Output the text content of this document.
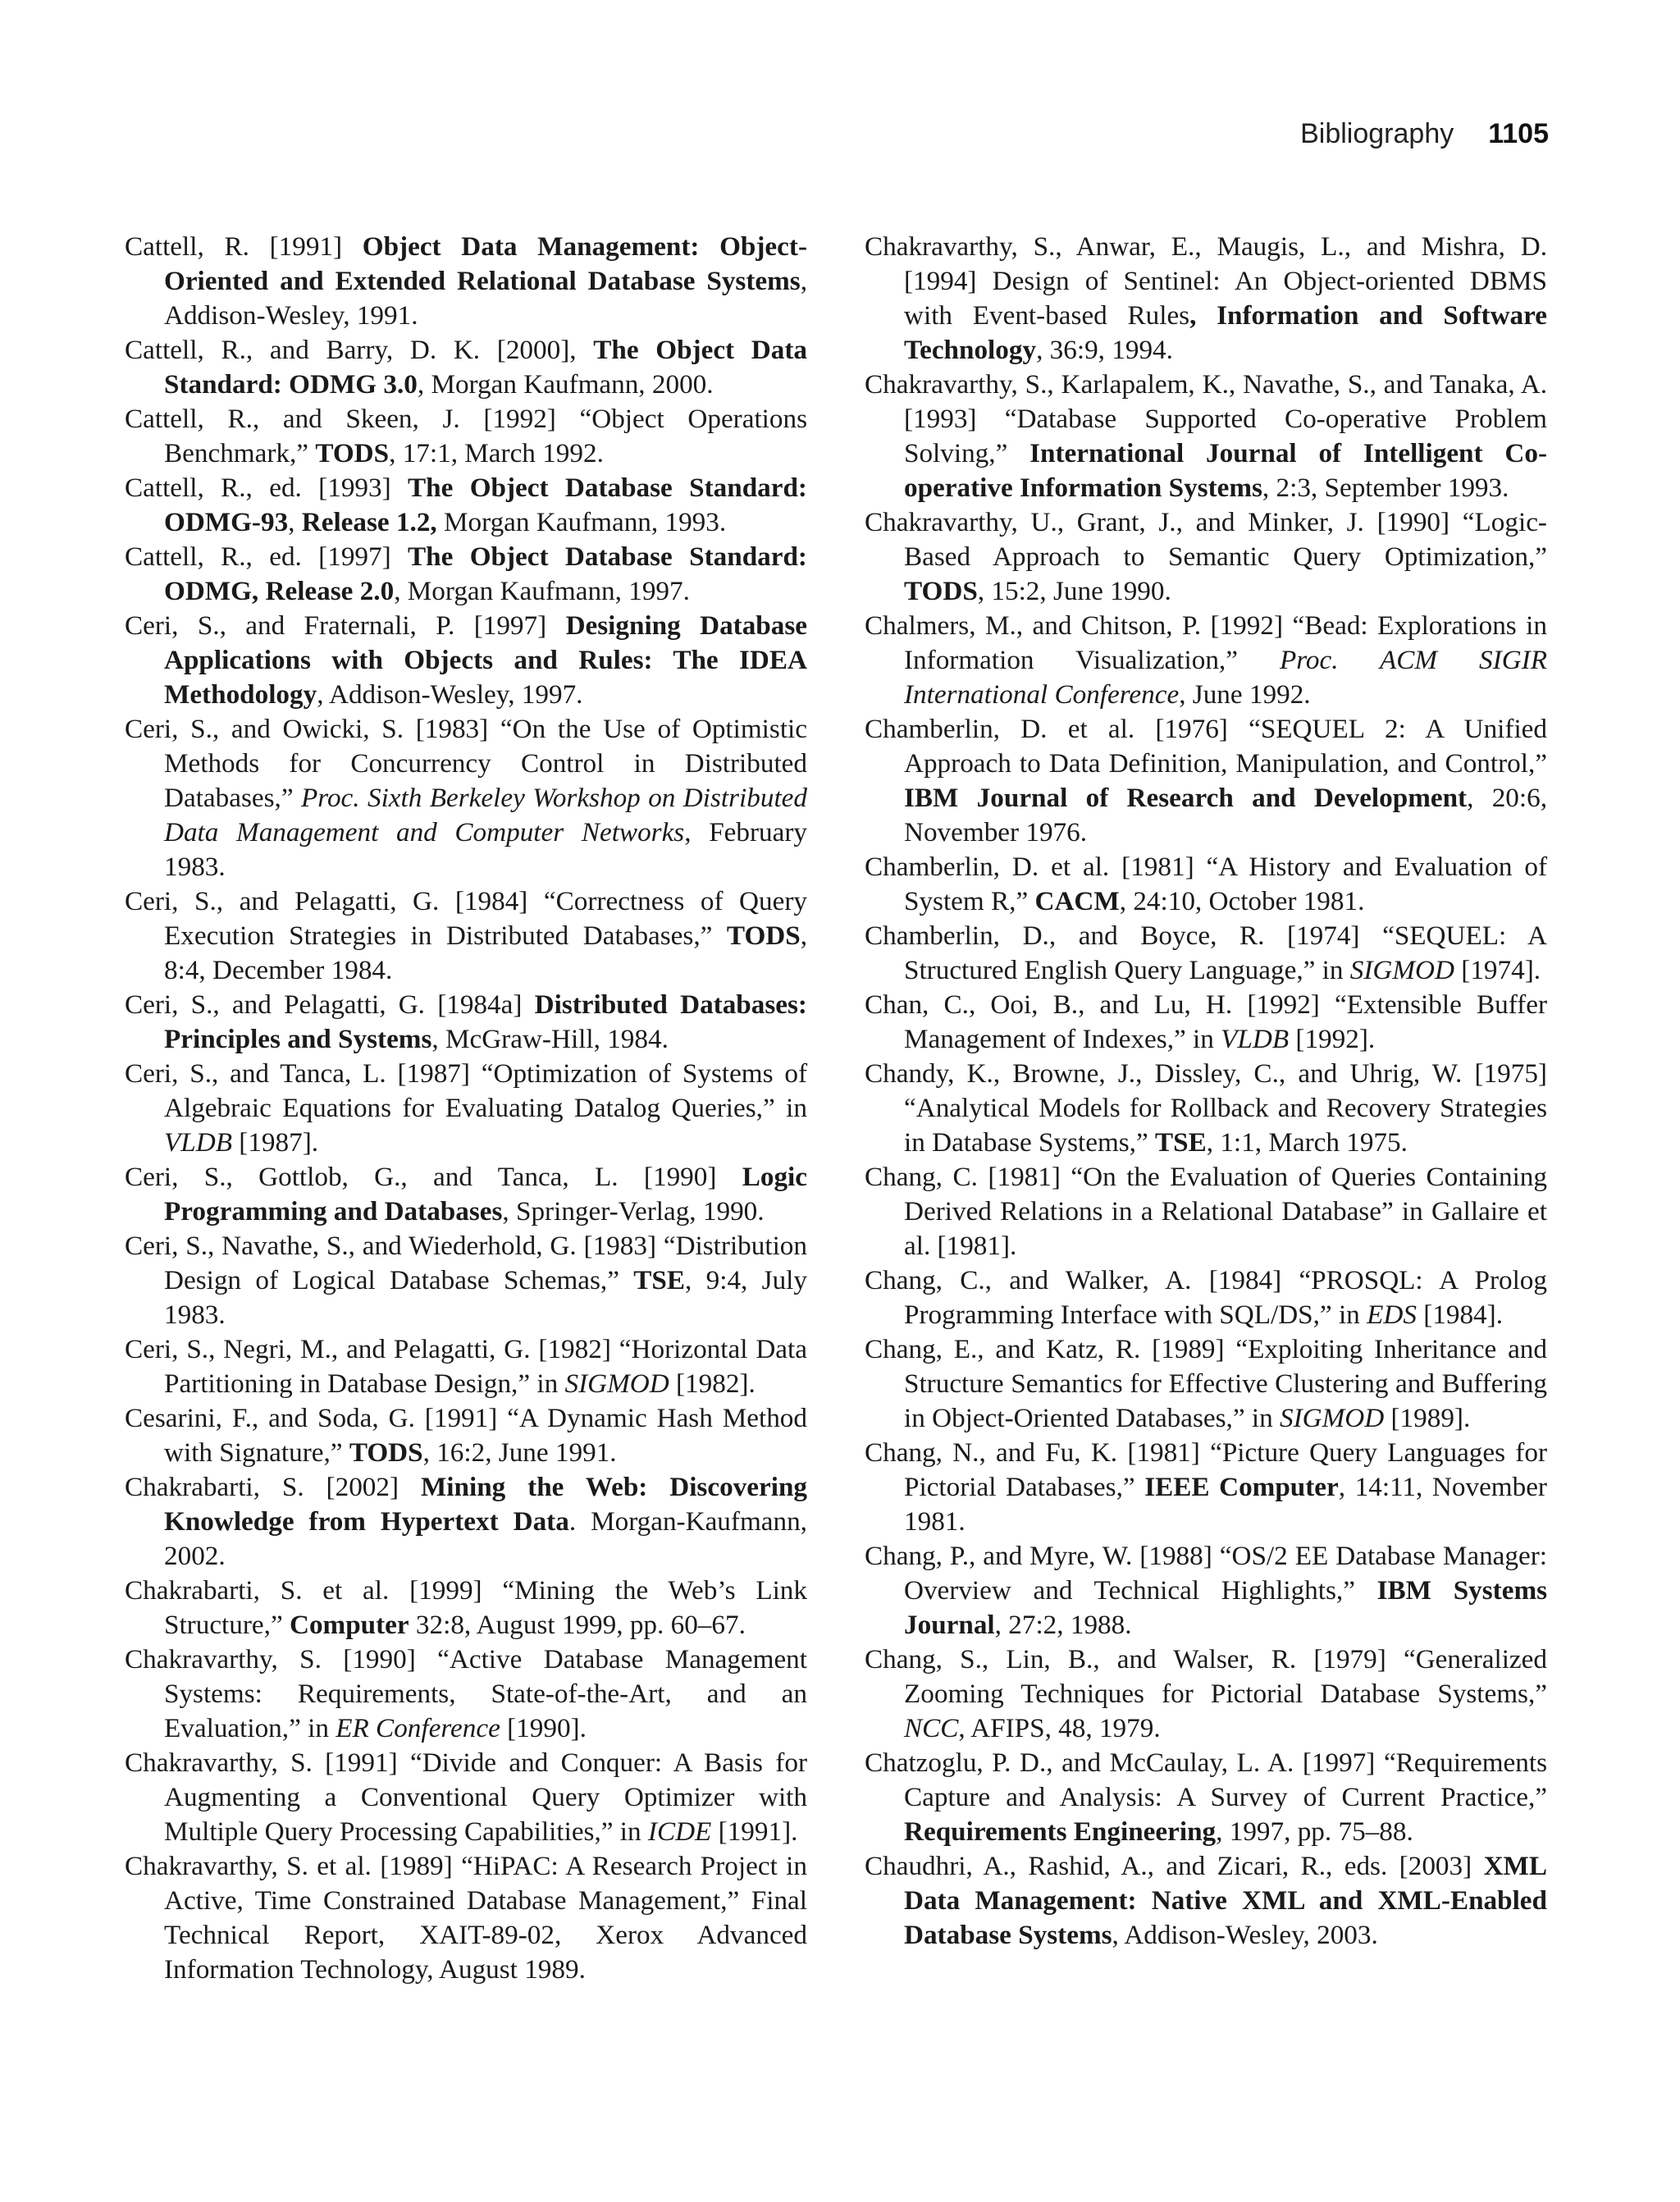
Bibliography 1105

Cattell, R. [1991] Object Data Management: Object-Oriented and Extended Relational Database Systems, Addison-Wesley, 1991.

Cattell, R., and Barry, D. K. [2000], The Object Data Standard: ODMG 3.0, Morgan Kaufmann, 2000.

Cattell, R., and Skeen, J. [1992] “Object Operations Benchmark,” TODS, 17:1, March 1992.

Cattell, R., ed. [1993] The Object Database Standard: ODMG-93, Release 1.2, Morgan Kaufmann, 1993.

Cattell, R., ed. [1997] The Object Database Standard: ODMG, Release 2.0, Morgan Kaufmann, 1997.

Ceri, S., and Fraternali, P. [1997] Designing Database Applications with Objects and Rules: The IDEA Methodology, Addison-Wesley, 1997.

Ceri, S., and Owicki, S. [1983] “On the Use of Optimistic Methods for Concurrency Control in Distributed Databases,” Proc. Sixth Berkeley Workshop on Distributed Data Management and Computer Networks, February 1983.

Ceri, S., and Pelagatti, G. [1984] “Correctness of Query Execution Strategies in Distributed Databases,” TODS, 8:4, December 1984.

Ceri, S., and Pelagatti, G. [1984a] Distributed Databases: Principles and Systems, McGraw-Hill, 1984.

Ceri, S., and Tanca, L. [1987] “Optimization of Systems of Algebraic Equations for Evaluating Datalog Queries,” in VLDB [1987].

Ceri, S., Gottlob, G., and Tanca, L. [1990] Logic Programming and Databases, Springer-Verlag, 1990.

Ceri, S., Navathe, S., and Wiederhold, G. [1983] “Distribution Design of Logical Database Schemas,” TSE, 9:4, July 1983.

Ceri, S., Negri, M., and Pelagatti, G. [1982] “Horizontal Data Partitioning in Database Design,” in SIGMOD [1982].

Cesarini, F., and Soda, G. [1991] “A Dynamic Hash Method with Signature,” TODS, 16:2, June 1991.

Chakrabarti, S. [2002] Mining the Web: Discovering Knowledge from Hypertext Data. Morgan-Kaufmann, 2002.

Chakrabarti, S. et al. [1999] “Mining the Web’s Link Structure,” Computer 32:8, August 1999, pp. 60–67.

Chakravarthy, S. [1990] “Active Database Management Systems: Requirements, State-of-the-Art, and an Evaluation,” in ER Conference [1990].

Chakravarthy, S. [1991] “Divide and Conquer: A Basis for Augmenting a Conventional Query Optimizer with Multiple Query Processing Capabilities,” in ICDE [1991].

Chakravarthy, S. et al. [1989] “HiPAC: A Research Project in Active, Time Constrained Database Management,” Final Technical Report, XAIT-89-02, Xerox Advanced Information Technology, August 1989.

Chakravarthy, S., Anwar, E., Maugis, L., and Mishra, D. [1994] Design of Sentinel: An Object-oriented DBMS with Event-based Rules, Information and Software Technology, 36:9, 1994.

Chakravarthy, S., Karlapalem, K., Navathe, S., and Tanaka, A. [1993] “Database Supported Co-operative Problem Solving,” International Journal of Intelligent Co-operative Information Systems, 2:3, September 1993.

Chakravarthy, U., Grant, J., and Minker, J. [1990] “Logic-Based Approach to Semantic Query Optimization,” TODS, 15:2, June 1990.

Chalmers, M., and Chitson, P. [1992] “Bead: Explorations in Information Visualization,” Proc. ACM SIGIR International Conference, June 1992.

Chamberlin, D. et al. [1976] “SEQUEL 2: A Unified Approach to Data Definition, Manipulation, and Control,” IBM Journal of Research and Development, 20:6, November 1976.

Chamberlin, D. et al. [1981] “A History and Evaluation of System R,” CACM, 24:10, October 1981.

Chamberlin, D., and Boyce, R. [1974] “SEQUEL: A Structured English Query Language,” in SIGMOD [1974].

Chan, C., Ooi, B., and Lu, H. [1992] “Extensible Buffer Management of Indexes,” in VLDB [1992].

Chandy, K., Browne, J., Dissley, C., and Uhrig, W. [1975] “Analytical Models for Rollback and Recovery Strategies in Database Systems,” TSE, 1:1, March 1975.

Chang, C. [1981] “On the Evaluation of Queries Containing Derived Relations in a Relational Database” in Gallaire et al. [1981].

Chang, C., and Walker, A. [1984] “PROSQL: A Prolog Programming Interface with SQL/DS,” in EDS [1984].

Chang, E., and Katz, R. [1989] “Exploiting Inheritance and Structure Semantics for Effective Clustering and Buffering in Object-Oriented Databases,” in SIGMOD [1989].

Chang, N., and Fu, K. [1981] “Picture Query Languages for Pictorial Databases,” IEEE Computer, 14:11, November 1981.

Chang, P., and Myre, W. [1988] “OS/2 EE Database Manager: Overview and Technical Highlights,” IBM Systems Journal, 27:2, 1988.

Chang, S., Lin, B., and Walser, R. [1979] “Generalized Zooming Techniques for Pictorial Database Systems,” NCC, AFIPS, 48, 1979.

Chatzoglu, P. D., and McCaulay, L. A. [1997] “Requirements Capture and Analysis: A Survey of Current Practice,” Requirements Engineering, 1997, pp. 75–88.

Chaudhri, A., Rashid, A., and Zicari, R., eds. [2003] XML Data Management: Native XML and XML-Enabled Database Systems, Addison-Wesley, 2003.
